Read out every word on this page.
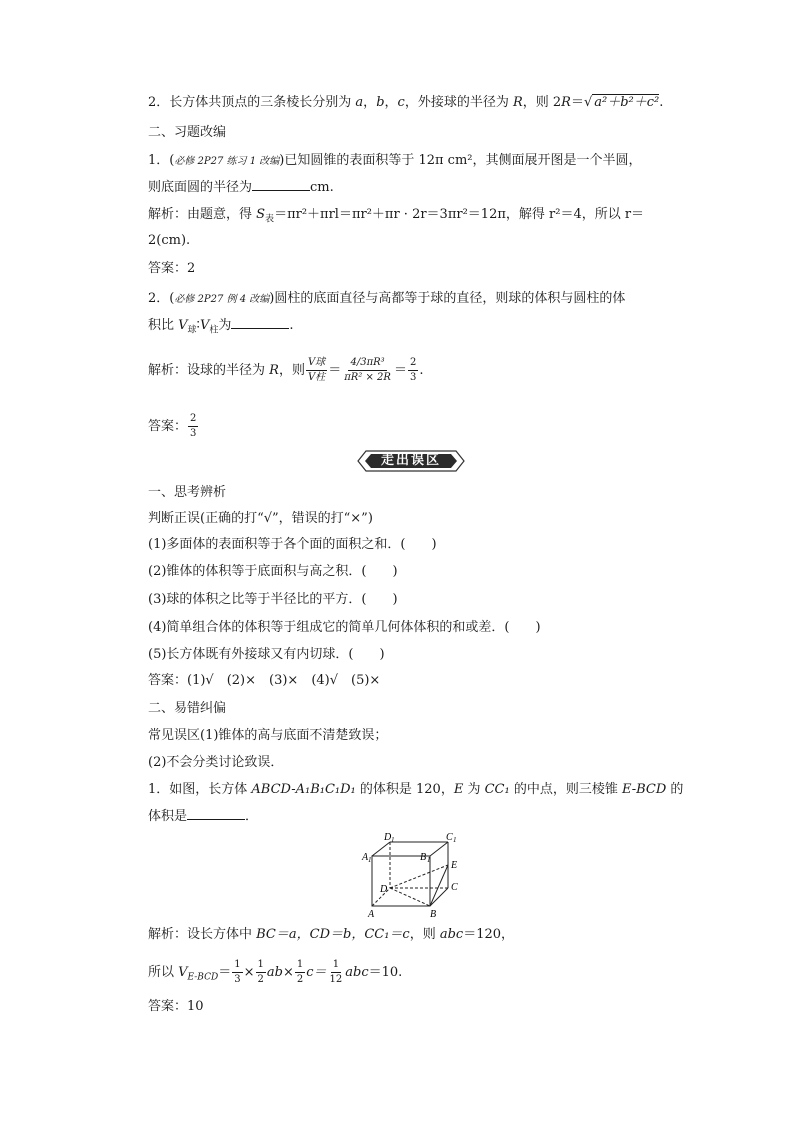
2．长方体共顶点的三条棱长分别为 a，b，c，外接球的半径为 R，则 2R＝√ a²＋b²＋c².
二、习题改编
1．(必修 2P27 练习 1 改编)已知圆锥的表面积等于 12π cm²，其侧面展开图是一个半圆，
则底面圆的半径为	cm.
解析：由题意，得 $S_表=\pi r^2+\pi rl=\pi r^2+\pi r \cdot 2r=3\pi r^2=12\pi$，解得 r²＝4，所以 r＝
2(cm).
答案：2
2．(必修 2P27 例 4 改编)圆柱的底面直径与高都等于球的直径，则球的体积与圆柱的体
积比 $V_球∶V_柱$为	.
解析：设球的半径为 R，则 $\frac{\text{V球}}{\text{V柱}} = \frac{\text{4/3πR³}}{\text{πR² × 2R}} = \frac{2}{3}$ .
答案： $\frac{2}{3}$
走出误区
一、思考辨析
判断正误(正确的打“√”，错误的打“×”)
(1)多面体的表面积等于各个面的面积之和．(　　)
(2)锥体的体积等于底面积与高之积．(　　)
(3)球的体积之比等于半径比的平方．(　　)
(4)简单组合体的体积等于组成它的简单几何体体积的和或差．(　　)
(5)长方体既有外接球又有内切球．(　　)
答案：(1)√　(2)×　(3)×　(4)√　(5)×
二、易错纠偏
常见误区(1)锥体的高与底面不清楚致误；
(2)不会分类讨论致误．
1．如图，长方体 ABCD-A₁B₁C₁D₁ 的体积是 120，E 为 CC₁ 的中点，则三棱锥 E-BCD 的
体积是	．
D 1	C 1
A 1	B 1
D	C
E
A	B
解析：设长方体中 BC＝a，CD＝b，CC₁＝c，则 abc＝120，
所以 $V_{E-BCD}= \frac{1}{3} \times \frac{1}{2} ab\times \frac{1}{2} c= \frac{1}{12} abc=10$.
答案：10
